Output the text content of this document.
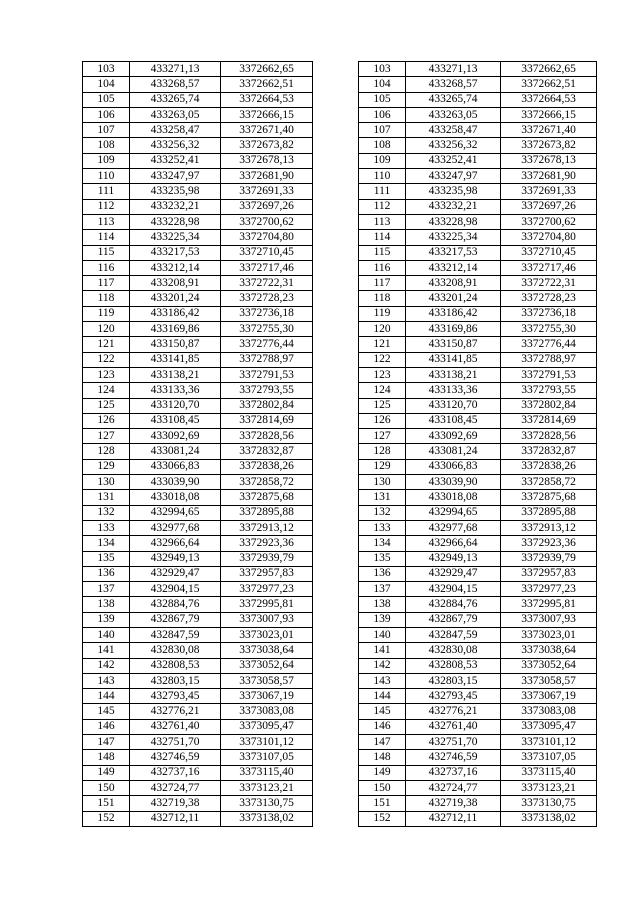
103	433271,13	3372662,65		103	433271,13	3372662,65
104	433268,57	3372662,51		104	433268,57	3372662,51
105	433265,74	3372664,53		105	433265,74	3372664,53
106	433263,05	3372666,15		106	433263,05	3372666,15
107	433258,47	3372671,40		107	433258,47	3372671,40
108	433256,32	3372673,82		108	433256,32	3372673,82
109	433252,41	3372678,13		109	433252,41	3372678,13
110	433247,97	3372681,90		110	433247,97	3372681,90
111	433235,98	3372691,33		111	433235,98	3372691,33
112	433232,21	3372697,26		112	433232,21	3372697,26
113	433228,98	3372700,62		113	433228,98	3372700,62
114	433225,34	3372704,80		114	433225,34	3372704,80
115	433217,53	3372710,45		115	433217,53	3372710,45
116	433212,14	3372717,46		116	433212,14	3372717,46
117	433208,91	3372722,31		117	433208,91	3372722,31
118	433201,24	3372728,23		118	433201,24	3372728,23
119	433186,42	3372736,18		119	433186,42	3372736,18
120	433169,86	3372755,30		120	433169,86	3372755,30
121	433150,87	3372776,44		121	433150,87	3372776,44
122	433141,85	3372788,97		122	433141,85	3372788,97
123	433138,21	3372791,53		123	433138,21	3372791,53
124	433133,36	3372793,55		124	433133,36	3372793,55
125	433120,70	3372802,84		125	433120,70	3372802,84
126	433108,45	3372814,69		126	433108,45	3372814,69
127	433092,69	3372828,56		127	433092,69	3372828,56
128	433081,24	3372832,87		128	433081,24	3372832,87
129	433066,83	3372838,26		129	433066,83	3372838,26
130	433039,90	3372858,72		130	433039,90	3372858,72
131	433018,08	3372875,68		131	433018,08	3372875,68
132	432994,65	3372895,88		132	432994,65	3372895,88
133	432977,68	3372913,12		133	432977,68	3372913,12
134	432966,64	3372923,36		134	432966,64	3372923,36
135	432949,13	3372939,79		135	432949,13	3372939,79
136	432929,47	3372957,83		136	432929,47	3372957,83
137	432904,15	3372977,23		137	432904,15	3372977,23
138	432884,76	3372995,81		138	432884,76	3372995,81
139	432867,79	3373007,93		139	432867,79	3373007,93
140	432847,59	3373023,01		140	432847,59	3373023,01
141	432830,08	3373038,64		141	432830,08	3373038,64
142	432808,53	3373052,64		142	432808,53	3373052,64
143	432803,15	3373058,57		143	432803,15	3373058,57
144	432793,45	3373067,19		144	432793,45	3373067,19
145	432776,21	3373083,08		145	432776,21	3373083,08
146	432761,40	3373095,47		146	432761,40	3373095,47
147	432751,70	3373101,12		147	432751,70	3373101,12
148	432746,59	3373107,05		148	432746,59	3373107,05
149	432737,16	3373115,40		149	432737,16	3373115,40
150	432724,77	3373123,21		150	432724,77	3373123,21
151	432719,38	3373130,75		151	432719,38	3373130,75
152	432712,11	3373138,02		152	432712,11	3373138,02
